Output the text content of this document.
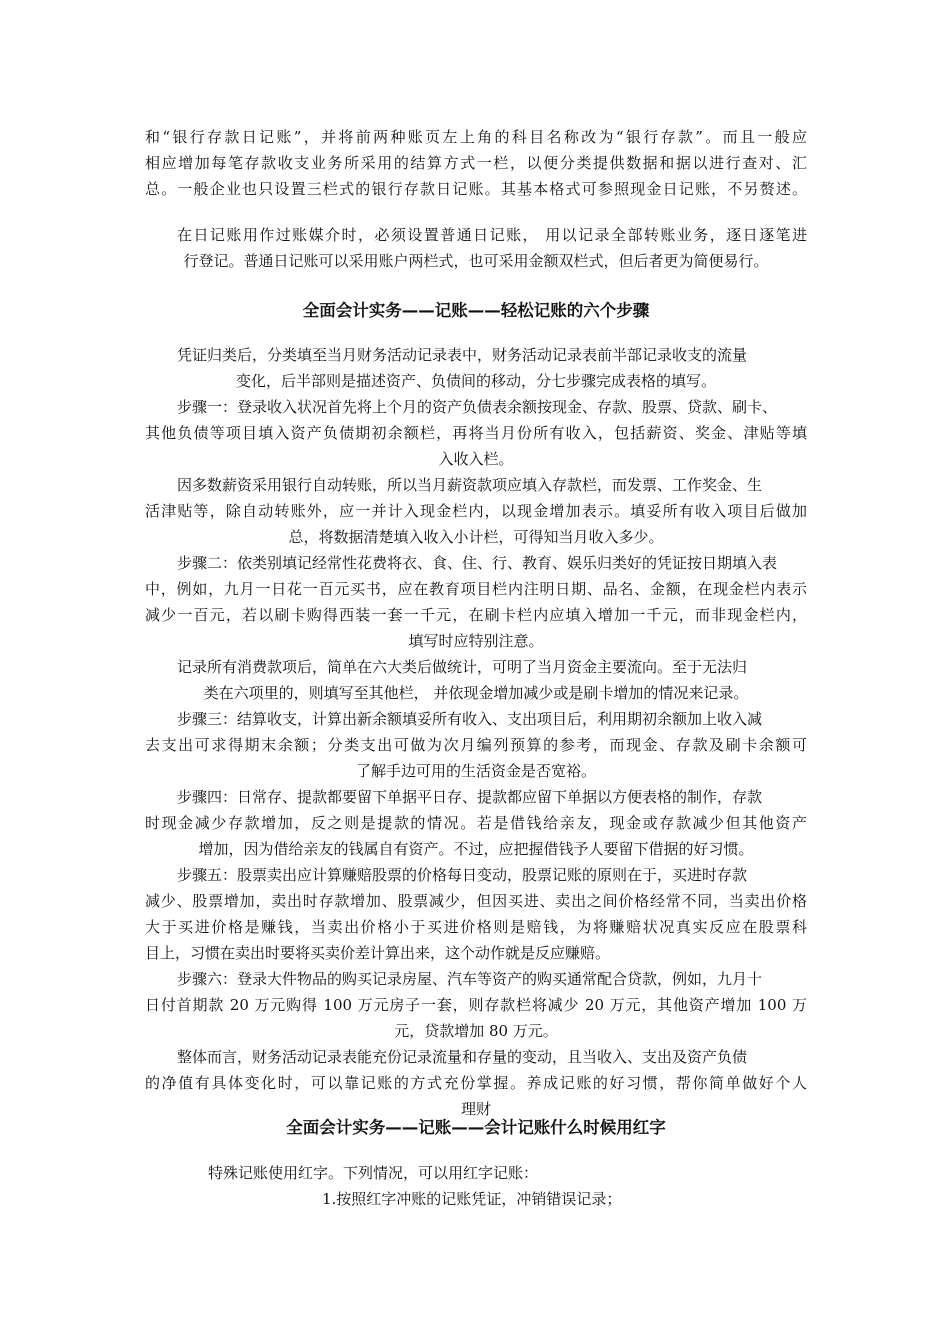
和“银行存款日记账”，并将前两种账页左上角的科目名称改为“银行存款”。而且一般应
相应增加每笔存款收支业务所采用的结算方式一栏，以便分类提供数据和据以进行查对、汇
总。一般企业也只设置三栏式的银行存款日记账。其基本格式可参照现金日记账，不另赘述。
在日记账用作过账媒介时，必须设置普通日记账， 用以记录全部转账业务，逐日逐笔进
行登记。普通日记账可以采用账户两栏式，也可采用金额双栏式，但后者更为简便易行。
全面会计实务——记账——轻松记账的六个步骤
凭证归类后，分类填至当月财务活动记录表中，财务活动记录表前半部记录收支的流量
变化，后半部则是描述资产、负债间的移动，分七步骤完成表格的填写。
步骤一：登录收入状况首先将上个月的资产负债表余额按现金、存款、股票、贷款、刷卡、
其他负债等项目填入资产负债期初余额栏，再将当月份所有收入，包括薪资、奖金、津贴等填
入收入栏。
因多数薪资采用银行自动转账，所以当月薪资款项应填入存款栏，而发票、工作奖金、生
活津贴等，除自动转账外，应一并计入现金栏内，以现金增加表示。填妥所有收入项目后做加
总，将数据清楚填入收入小计栏，可得知当月收入多少。
步骤二：依类别填记经常性花费将衣、食、住、行、教育、娱乐归类好的凭证按日期填入表
中，例如，九月一日花一百元买书，应在教育项目栏内注明日期、品名、金额，在现金栏内表示
减少一百元，若以刷卡购得西装一套一千元，在刷卡栏内应填入增加一千元，而非现金栏内，
填写时应特别注意。
记录所有消费款项后，简单在六大类后做统计，可明了当月资金主要流向。至于无法归
类在六项里的，则填写至其他栏， 并依现金增加减少或是刷卡增加的情况来记录。
步骤三：结算收支，计算出新余额填妥所有收入、支出项目后，利用期初余额加上收入减
去支出可求得期末余额；分类支出可做为次月编列预算的参考，而现金、存款及刷卡余额可
了解手边可用的生活资金是否宽裕。
步骤四：日常存、提款都要留下单据平日存、提款都应留下单据以方便表格的制作，存款
时现金减少存款增加，反之则是提款的情况。若是借钱给亲友，现金或存款减少但其他资产
增加，因为借给亲友的钱属自有资产。不过，应把握借钱予人要留下借据的好习惯。
步骤五：股票卖出应计算赚赔股票的价格每日变动，股票记账的原则在于，买进时存款
减少、股票增加，卖出时存款增加、股票减少，但因买进、卖出之间价格经常不同，当卖出价格
大于买进价格是赚钱，当卖出价格小于买进价格则是赔钱，为将赚赔状况真实反应在股票科
目上，习惯在卖出时要将买卖价差计算出来，这个动作就是反应赚赔。
步骤六：登录大件物品的购买记录房屋、汽车等资产的购买通常配合贷款，例如，九月十
日付首期款 20 万元购得 100 万元房子一套，则存款栏将减少 20 万元，其他资产增加 100 万
元，贷款增加 80 万元。
整体而言，财务活动记录表能充份记录流量和存量的变动，且当收入、支出及资产负债
的净值有具体变化时，可以靠记账的方式充份掌握。养成记账的好习惯，帮你简单做好个人
理财
全面会计实务——记账——会计记账什么时候用红字
特殊记账使用红字。下列情况，可以用红字记账：
1.按照红字冲账的记账凭证，冲销错误记录；
